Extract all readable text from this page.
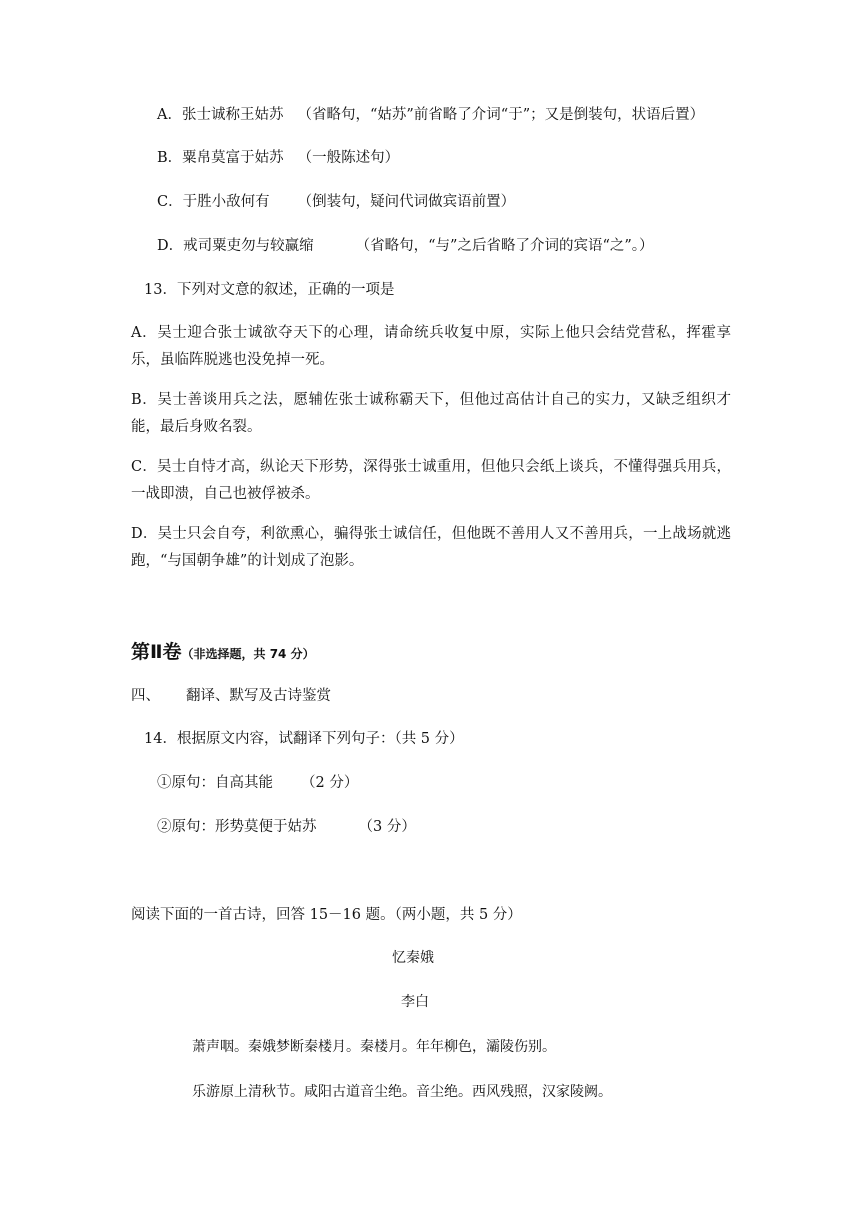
A．张士诚称王姑苏 （省略句，“姑苏”前省略了介词“于”；又是倒装句，状语后置）
B．粟帛莫富于姑苏 （一般陈述句）
C．于胜小敌何有 （倒装句，疑问代词做宾语前置）
D．戒司粟吏勿与较赢缩	（省略句，“与”之后省略了介词的宾语“之”。）
13．下列对文意的叙述，正确的一项是
A．吴士迎合张士诚欲夺天下的心理，请命统兵收复中原，实际上他只会结党营私，挥霍享乐，虽临阵脱逃也没免掉一死。
B．吴士善谈用兵之法，愿辅佐张士诚称霸天下，但他过高估计自己的实力，又缺乏组织才能，最后身败名裂。
C．吴士自恃才高，纵论天下形势，深得张士诚重用，但他只会纸上谈兵，不懂得强兵用兵，一战即溃，自己也被俘被杀。
D．吴士只会自夸，利欲熏心，骗得张士诚信任，但他既不善用人又不善用兵，一上战场就逃跑，“与国朝争雄”的计划成了泡影。
第Ⅱ卷（非选择题，共 74 分）
四、 翻译、默写及古诗鉴赏
14．根据原文内容，试翻译下列句子：（共 5 分）
①原句：自高其能 （2 分）
②原句：形势莫便于姑苏	（3 分）
阅读下面的一首古诗，回答 15－16 题。（两小题，共 5 分）
忆秦娥
李白
萧声咽。秦娥梦断秦楼月。秦楼月。年年柳色，灞陵伤别。
乐游原上清秋节。咸阳古道音尘绝。音尘绝。西风残照，汉家陵阙。
